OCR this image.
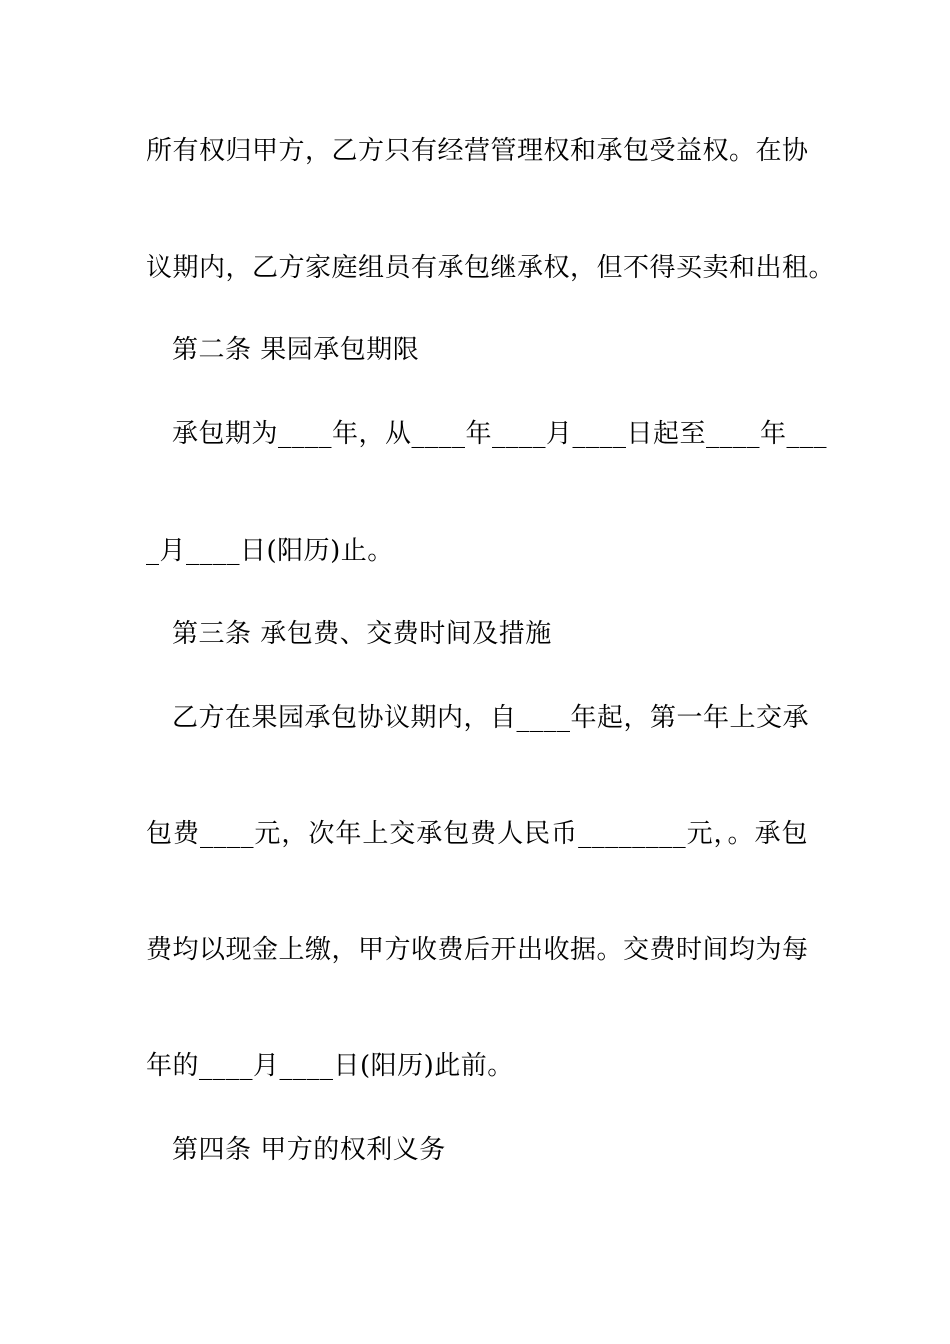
所有权归甲方，乙方只有经营管理权和承包受益权。在协
议期内，乙方家庭组员有承包继承权，但不得买卖和出租。
第二条 果园承包期限
承包期为____年，从____年____月____日起至____年___
_月____日(阳历)止。
第三条 承包费、交费时间及措施
乙方在果园承包协议期内，自____年起，第一年上交承
包费____元，次年上交承包费人民币________元，。承包
费均以现金上缴，甲方收费后开出收据。交费时间均为每
年的____月____日(阳历)此前。
第四条 甲方的权利义务
